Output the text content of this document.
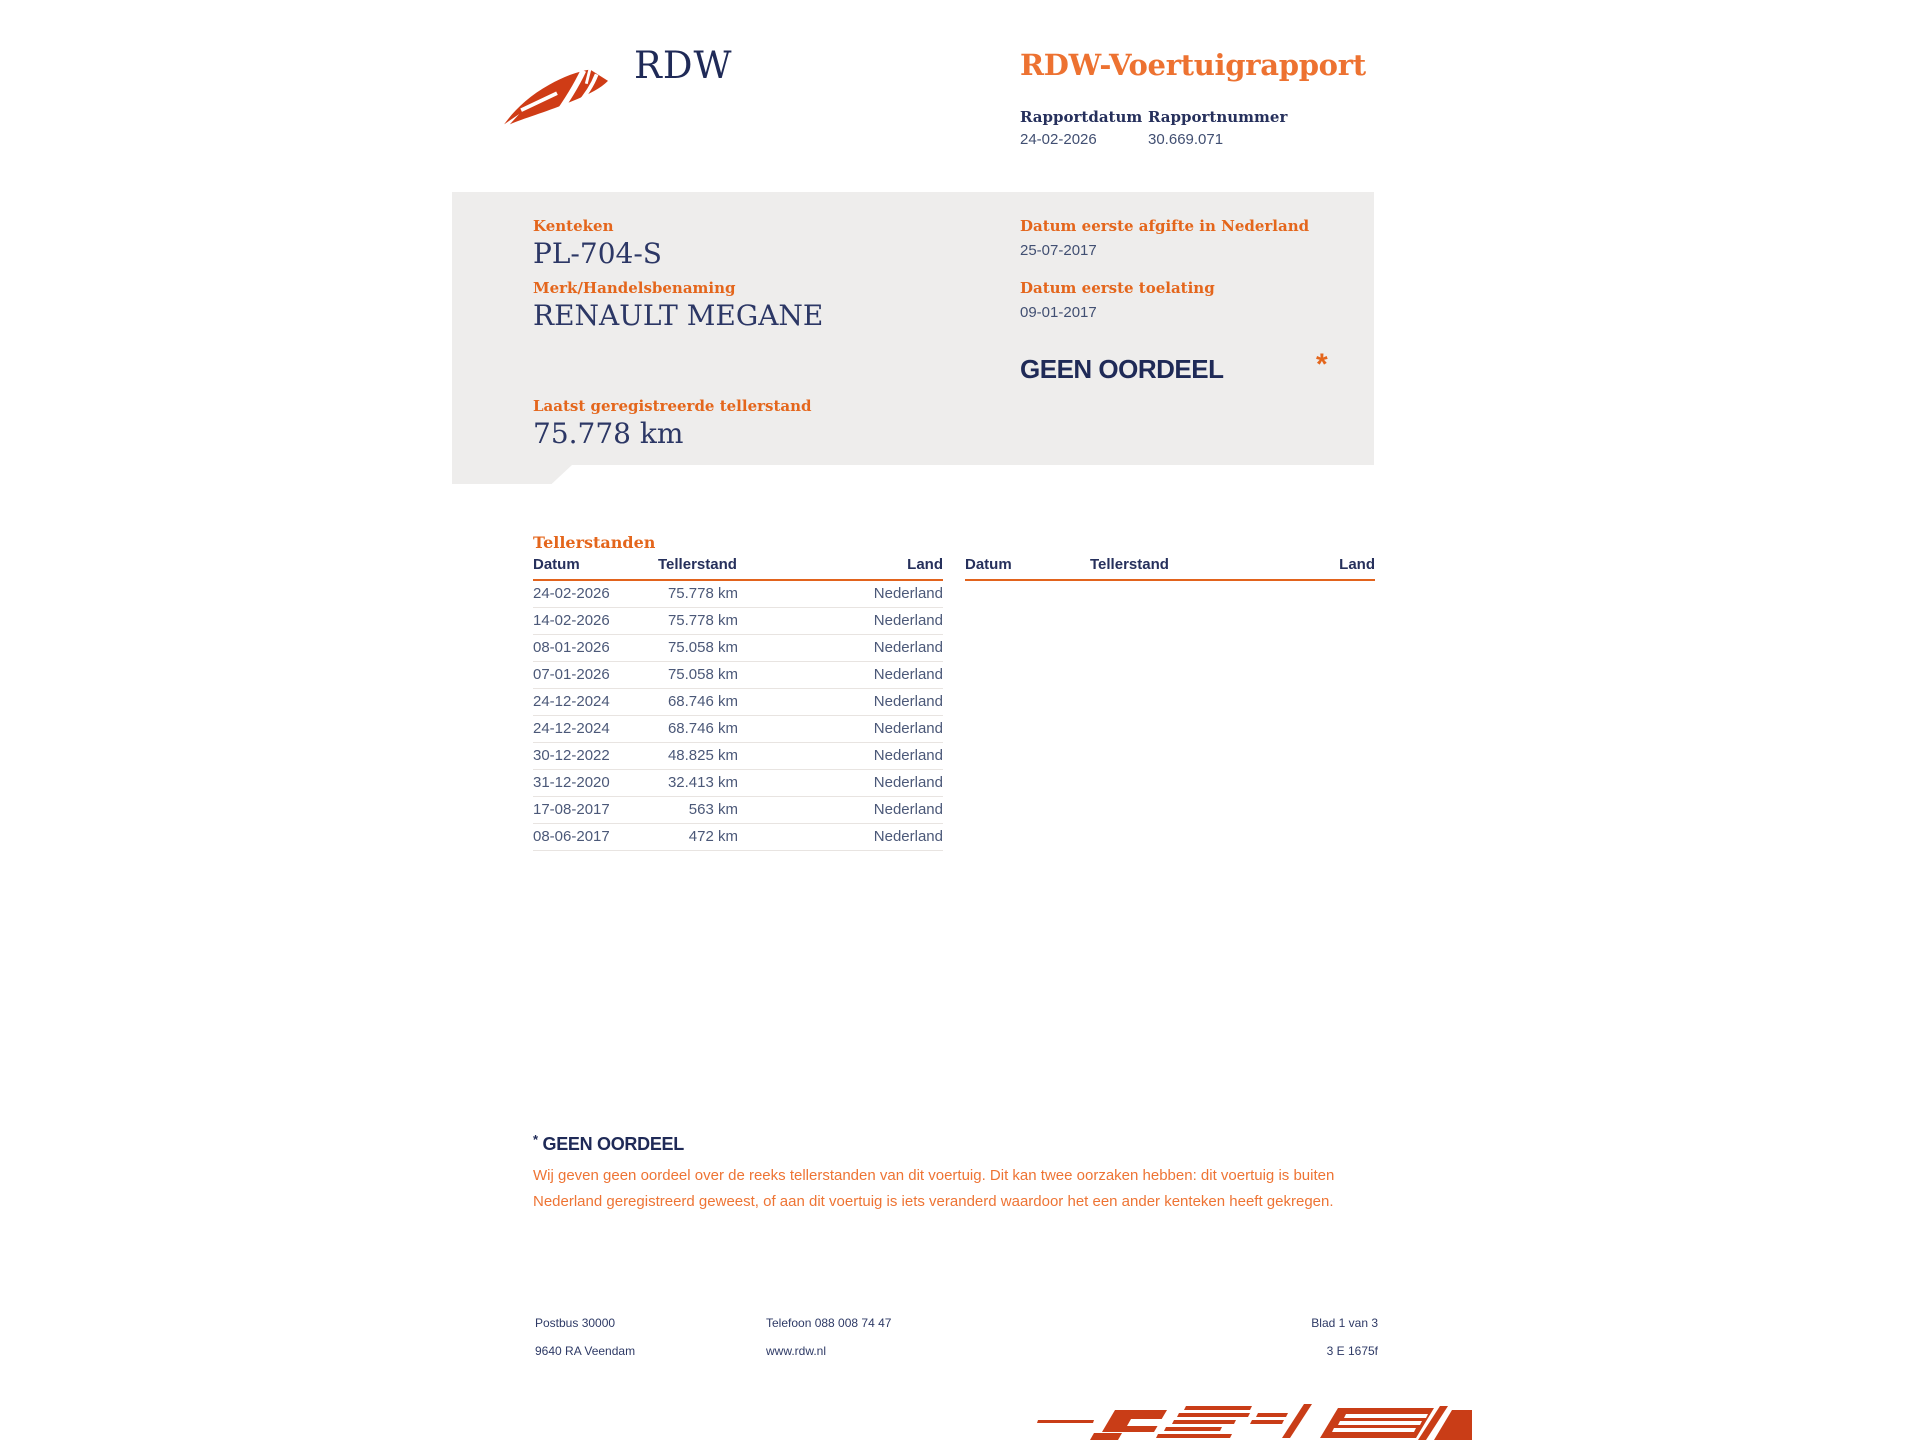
RDW	RDW-Voertuigrapport
Rapportdatum Rapportnummer
24-02-2026	30.669.071
Kenteken
PL-704-S
Merk/Handelsbenaming
RENAULT MEGANE
Laatst geregistreerde tellerstand
75.778 km
Datum eerste afgifte in Nederland
25-07-2017
Datum eerste toelating
09-01-2017
GEEN OORDEEL	*
Tellerstanden
Datum	Tellerstand	Land
24-02-2026	75.778 km	Nederland
14-02-2026	75.778 km	Nederland
08-01-2026	75.058 km	Nederland
07-01-2026	75.058 km	Nederland
24-12-2024	68.746 km	Nederland
24-12-2024	68.746 km	Nederland
30-12-2022	48.825 km	Nederland
31-12-2020	32.413 km	Nederland
17-08-2017	563 km	Nederland
08-06-2017	472 km	Nederland
Datum	Tellerstand	Land
* GEEN OORDEEL
Wij geven geen oordeel over de reeks tellerstanden van dit voertuig. Dit kan twee oorzaken hebben: dit voertuig is buiten Nederland geregistreerd geweest, of aan dit voertuig is iets veranderd waardoor het een ander kenteken heeft gekregen.
Postbus 30000
9640 RA Veendam
Telefoon 088 008 74 47
www.rdw.nl
Blad 1 van 3
3 E 1675f
